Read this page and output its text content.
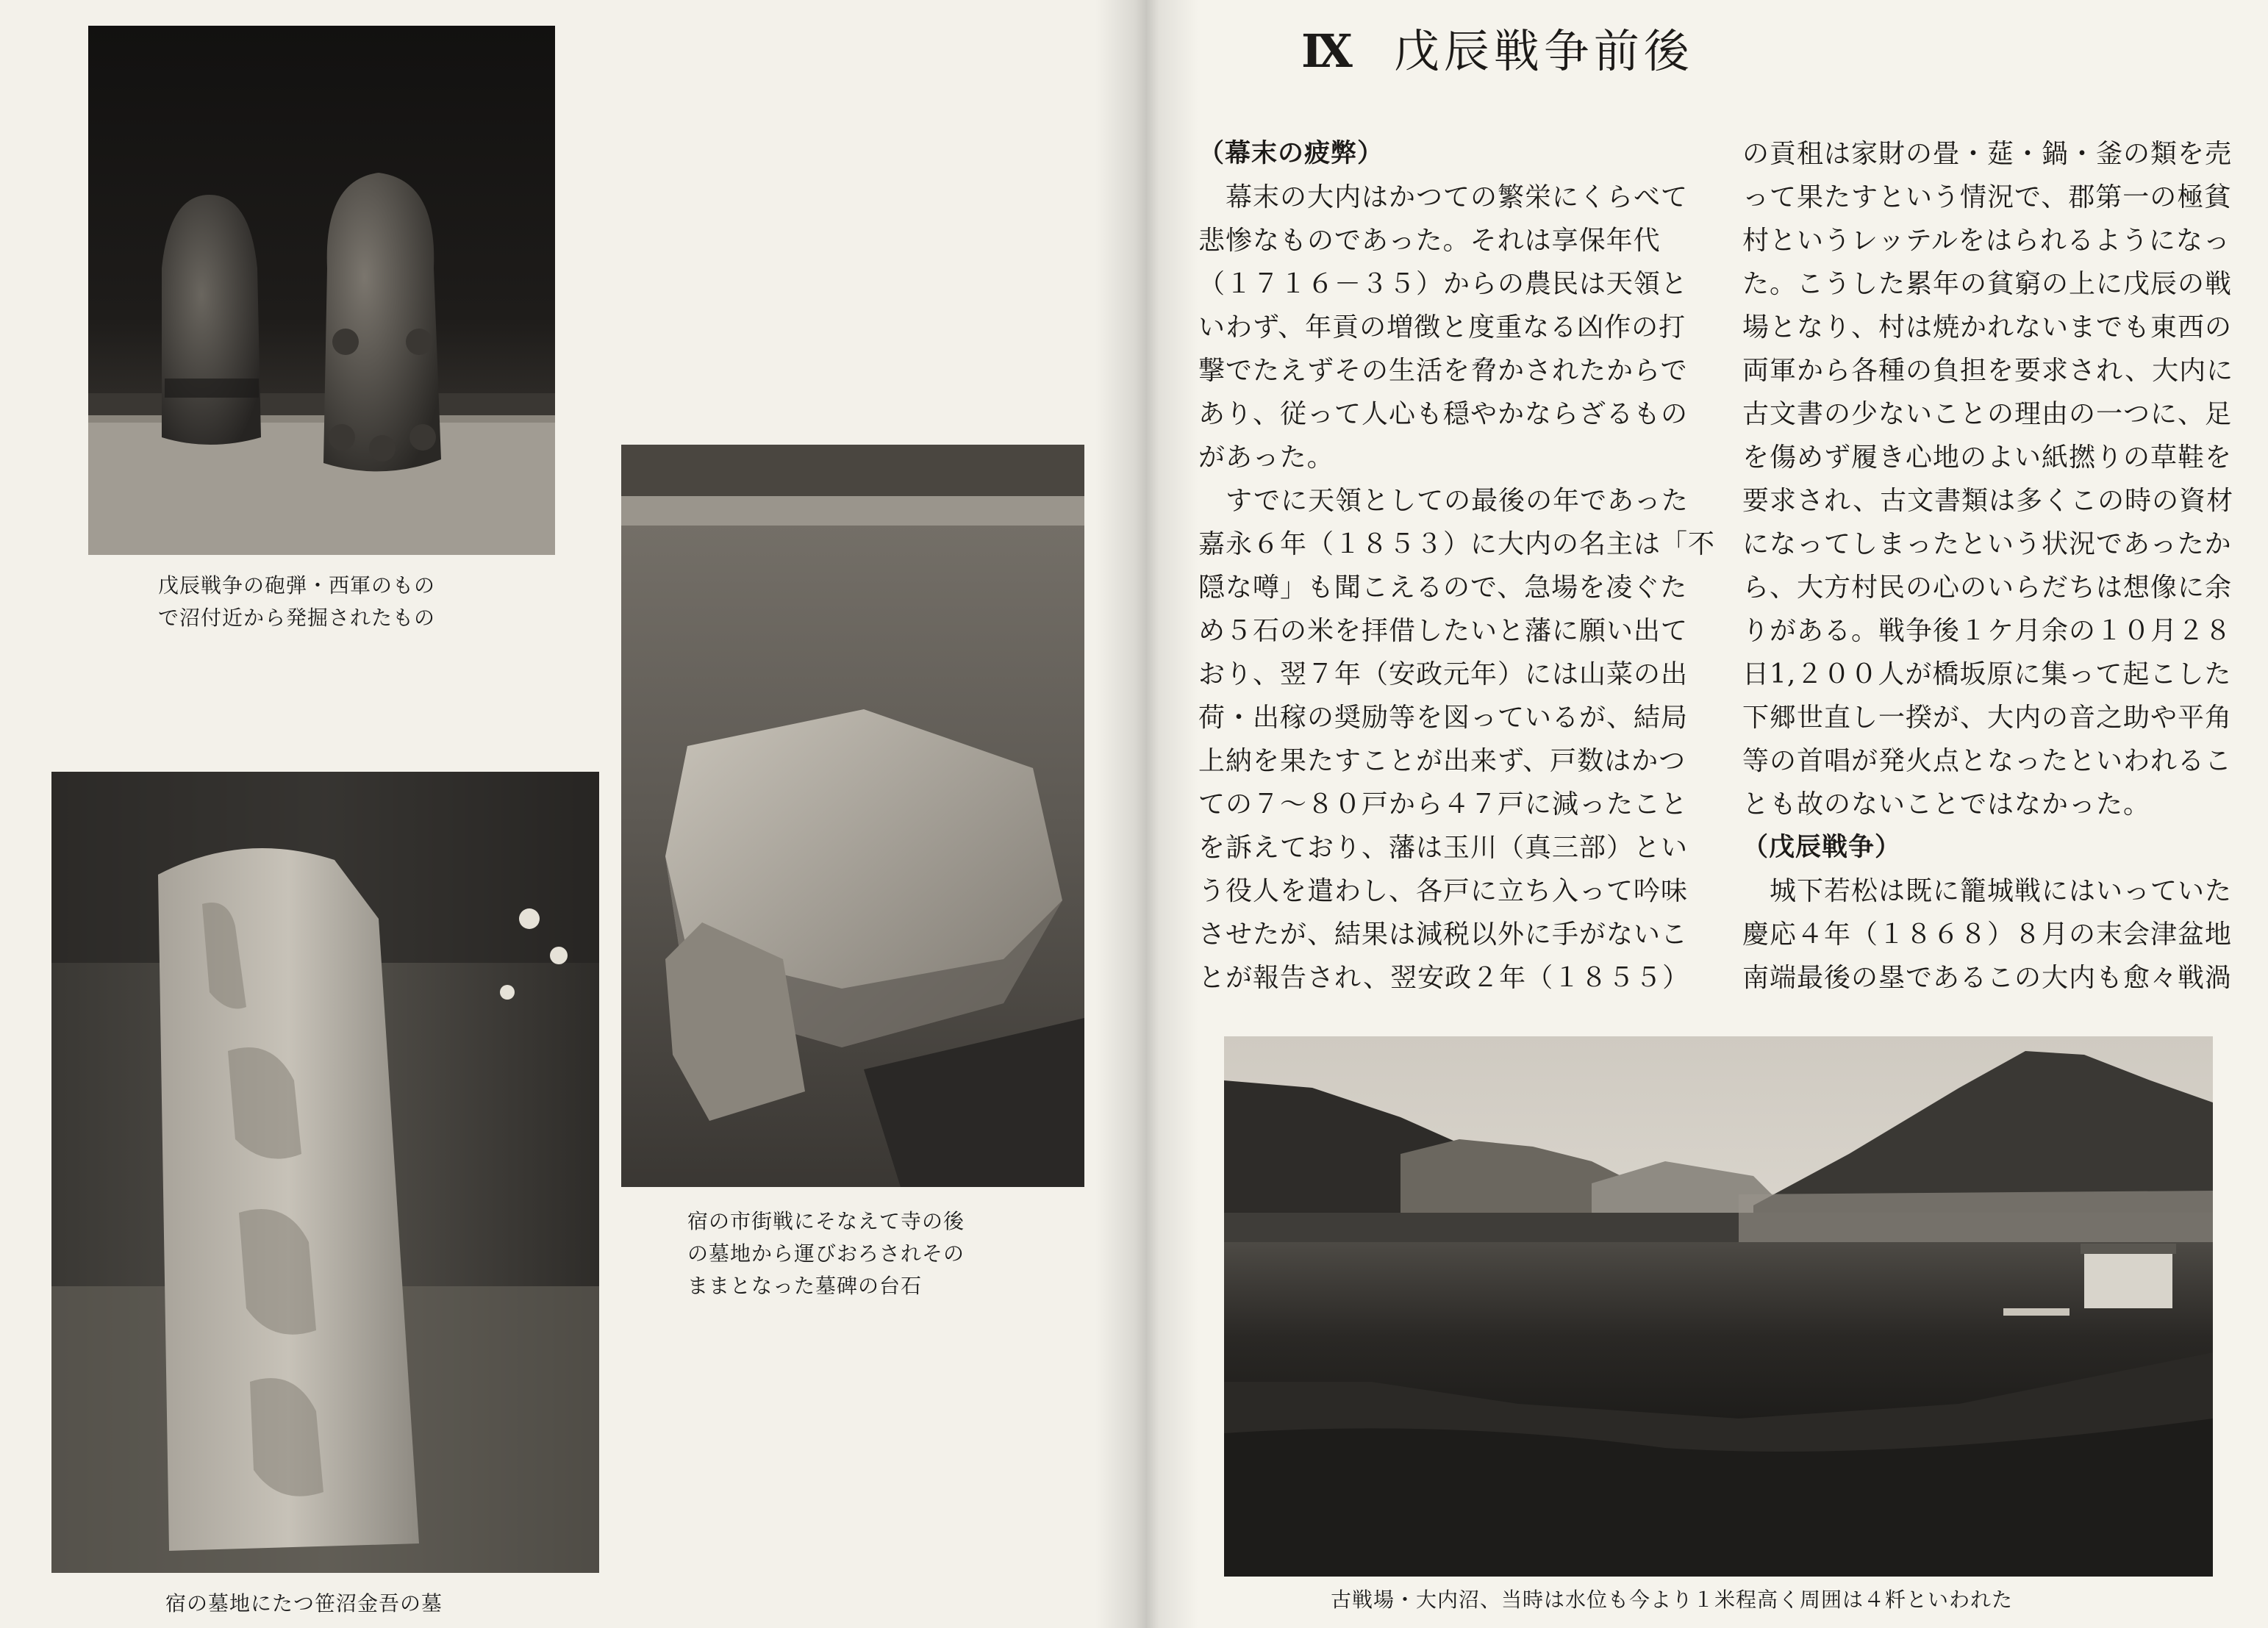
戊辰戦争の砲弾・西軍のもの
で沼付近から発掘されたもの
宿の市街戦にそなえて寺の後
の墓地から運びおろされその
ままとなった墓碑の台石
宿の墓地にたつ笹沼金吾の墓
Ⅸ 戊辰戦争前後
（幕末の疲弊）
　幕末の大内はかつての繁栄にくらべて
悲惨なものであった。それは享保年代
（１７１６－３５）からの農民は天領と
いわず、年貢の増徴と度重なる凶作の打
撃でたえずその生活を脅かされたからで
あり、従って人心も穏やかならざるもの
があった。
　すでに天領としての最後の年であった
嘉永６年（１８５３）に大内の名主は「不
隠な噂」も聞こえるので、急場を凌ぐた
め５石の米を拝借したいと藩に願い出て
おり、翌７年（安政元年）には山菜の出
荷・出稼の奨励等を図っているが、結局
上納を果たすことが出来ず、戸数はかつ
ての７～８０戸から４７戸に減ったこと
を訴えており、藩は玉川（真三部）とい
う役人を遣わし、各戸に立ち入って吟味
させたが、結果は減税以外に手がないこ
とが報告され、翌安政２年（１８５５）
の貢租は家財の畳・莚・鍋・釜の類を売
って果たすという情況で、郡第一の極貧
村というレッテルをはられるようになっ
た。こうした累年の貧窮の上に戊辰の戦
場となり、村は焼かれないまでも東西の
両軍から各種の負担を要求され、大内に
古文書の少ないことの理由の一つに、足
を傷めず履き心地のよい紙撚りの草鞋を
要求され、古文書類は多くこの時の資材
になってしまったという状況であったか
ら、大方村民の心のいらだちは想像に余
りがある。戦争後１ケ月余の１０月２８
日1,２００人が橋坂原に集って起こした
下郷世直し一揆が、大内の音之助や平角
等の首唱が発火点となったといわれるこ
とも故のないことではなかった。
（戊辰戦争）
　城下若松は既に籠城戦にはいっていた
慶応４年（１８６８）８月の末会津盆地
南端最後の塁であるこの大内も愈々戦渦
古戦場・大内沼、当時は水位も今より１米程高く周囲は４粁といわれた
